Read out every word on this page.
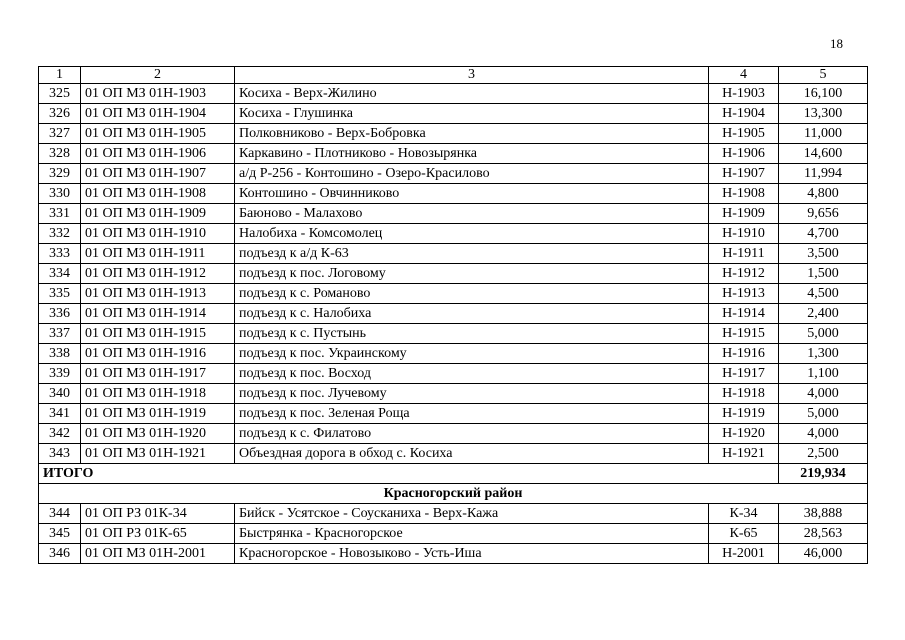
18
1	2	3	4	5
325	01 ОП МЗ 01Н-1903	Косиха - Верх-Жилино	Н-1903	16,100
326	01 ОП МЗ 01Н-1904	Косиха - Глушинка	Н-1904	13,300
327	01 ОП МЗ 01Н-1905	Полковниково - Верх-Бобровка	Н-1905	11,000
328	01 ОП МЗ 01Н-1906	Каркавино - Плотниково - Новозырянка	Н-1906	14,600
329	01 ОП МЗ 01Н-1907	а/д Р-256 - Контошино - Озеро-Красилово	Н-1907	11,994
330	01 ОП МЗ 01Н-1908	Контошино - Овчинниково	Н-1908	4,800
331	01 ОП МЗ 01Н-1909	Баюново - Малахово	Н-1909	9,656
332	01 ОП МЗ 01Н-1910	Налобиха - Комсомолец	Н-1910	4,700
333	01 ОП МЗ 01Н-1911	подъезд к а/д К-63	Н-1911	3,500
334	01 ОП МЗ 01Н-1912	подъезд к пос. Логовому	Н-1912	1,500
335	01 ОП МЗ 01Н-1913	подъезд к с. Романово	Н-1913	4,500
336	01 ОП МЗ 01Н-1914	подъезд к с. Налобиха	Н-1914	2,400
337	01 ОП МЗ 01Н-1915	подъезд к с. Пустынь	Н-1915	5,000
338	01 ОП МЗ 01Н-1916	подъезд к пос. Украинскому	Н-1916	1,300
339	01 ОП МЗ 01Н-1917	подъезд к пос. Восход	Н-1917	1,100
340	01 ОП МЗ 01Н-1918	подъезд к пос. Лучевому	Н-1918	4,000
341	01 ОП МЗ 01Н-1919	подъезд к пос. Зеленая Роща	Н-1919	5,000
342	01 ОП МЗ 01Н-1920	подъезд к с. Филатово	Н-1920	4,000
343	01 ОП МЗ 01Н-1921	Объездная дорога в обход с. Косиха	Н-1921	2,500
ИТОГО				219,934
Красногорский район				
344	01 ОП РЗ 01К-34	Бийск - Усятское - Соусканиха - Верх-Кажа	К-34	38,888
345	01 ОП РЗ 01К-65	Быстрянка - Красногорское	К-65	28,563
346	01 ОП МЗ 01Н-2001	Красногорское - Новозыково - Усть-Иша	Н-2001	46,000
